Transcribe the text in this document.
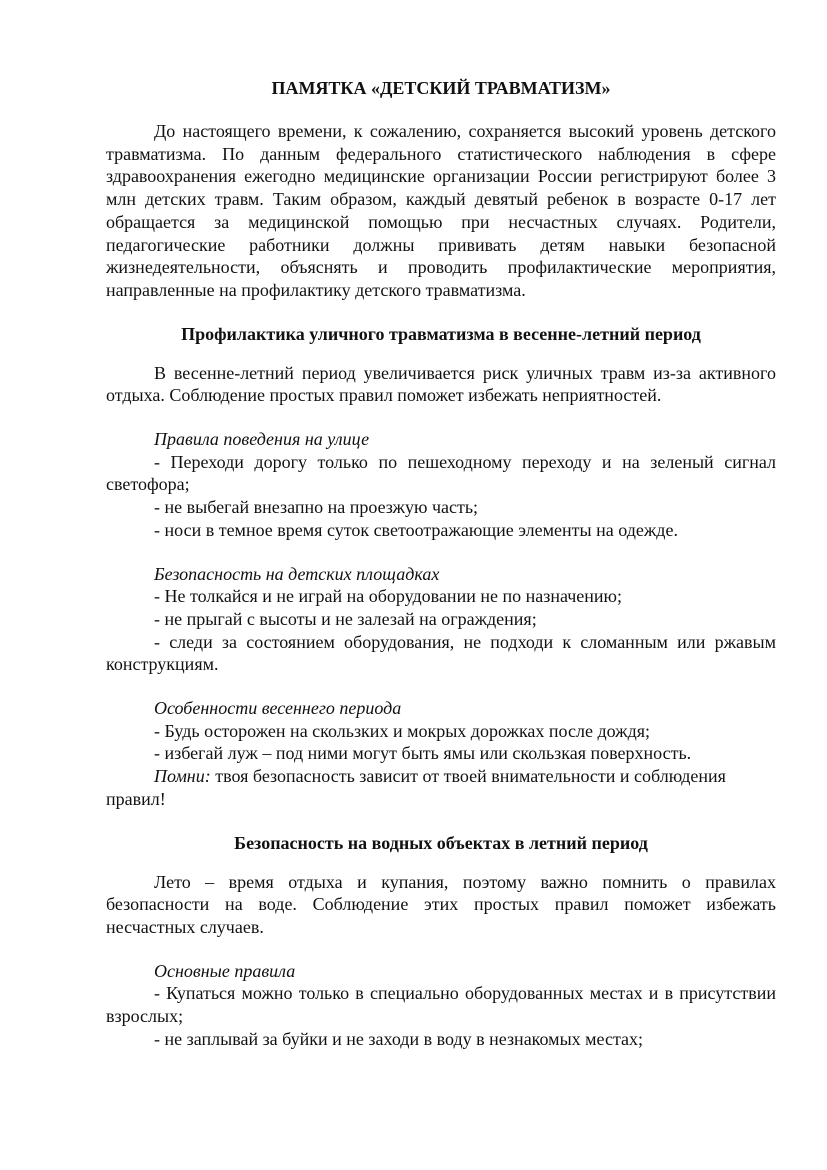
ПАМЯТКА «ДЕТСКИЙ ТРАВМАТИЗМ»

До настоящего времени, к сожалению, сохраняется высокий уровень детского травматизма. По данным федерального статистического наблюдения в сфере здравоохранения ежегодно медицинские организации России регистрируют более 3 млн детских травм. Таким образом, каждый девятый ребенок в возрасте 0-17 лет обращается за медицинской помощью при несчастных случаях. Родители, педагогические работники должны прививать детям навыки безопасной жизнедеятельности, объяснять и проводить профилактические мероприятия, направленные на профилактику детского травматизма.

Профилактика уличного травматизма в весенне-летний период

В весенне-летний период увеличивается риск уличных травм из-за активного отдыха. Соблюдение простых правил поможет избежать неприятностей.

Правила поведения на улице

- Переходи дорогу только по пешеходному переходу и на зеленый сигнал светофора;

- не выбегай внезапно на проезжую часть;

- носи в темное время суток светоотражающие элементы на одежде.

Безопасность на детских площадках

- Не толкайся и не играй на оборудовании не по назначению;

- не прыгай с высоты и не залезай на ограждения;

- следи за состоянием оборудования, не подходи к сломанным или ржавым конструкциям.

Особенности весеннего периода

- Будь осторожен на скользких и мокрых дорожках после дождя;

- избегай луж – под ними могут быть ямы или скользкая поверхность.

Помни: твоя безопасность зависит от твоей внимательности и соблюдения правил!

Безопасность на водных объектах в летний период

Лето – время отдыха и купания, поэтому важно помнить о правилах безопасности на воде. Соблюдение этих простых правил поможет избежать несчастных случаев.

Основные правила

- Купаться можно только в специально оборудованных местах и в присутствии взрослых;

- не заплывай за буйки и не заходи в воду в незнакомых местах;
